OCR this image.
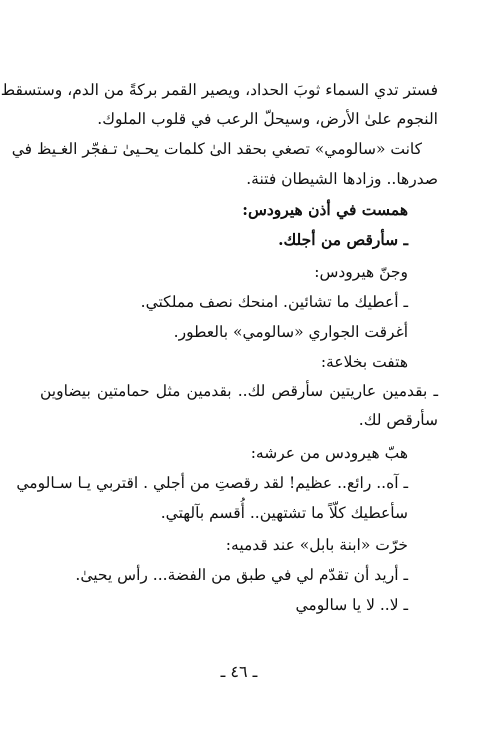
فستر تدي السماء ثوبَ الحداد، ويصير القمر بركةً من الدم، وستسقط
النجوم علىٰ الأرض، وسيحلّ الرعب في قلوب الملوك.
كانت «سالومي» تصغي بحقد الىٰ كلمات يحـيىٰ تـفجّر الغـيظ في
صدرها.. وزادها الشيطان فتنة.
همست في أذن هيرودس:
ـ سأرقص من أجلك.
وجنّ هيرودس:
ـ أعطيك ما تشائين. امنحك نصف مملكتي.
أغرقت الجواري «سالومي» بالعطور.
هتفت بخلاعة:
ـ بقدمين عاريتين سأرقص لك.. بقدمين مثل حمامتين بيضاوين
سأرقص لك.
هبّ هيرودس من عرشه:
ـ آه.. رائع.. عظيم! لقد رقصتِ من أجلي . اقتربي يـا سـالومي
سأعطيك كلّاً ما تشتهين.. أُقسم بآلهتي.
خرّت «ابنة بابل» عند قدميه:
ـ أريد أن تقدّم لي في طبق من الفضة... رأس يحيىٰ.
ـ لا.. لا يا سالومي
ـ ٤٦ ـ
